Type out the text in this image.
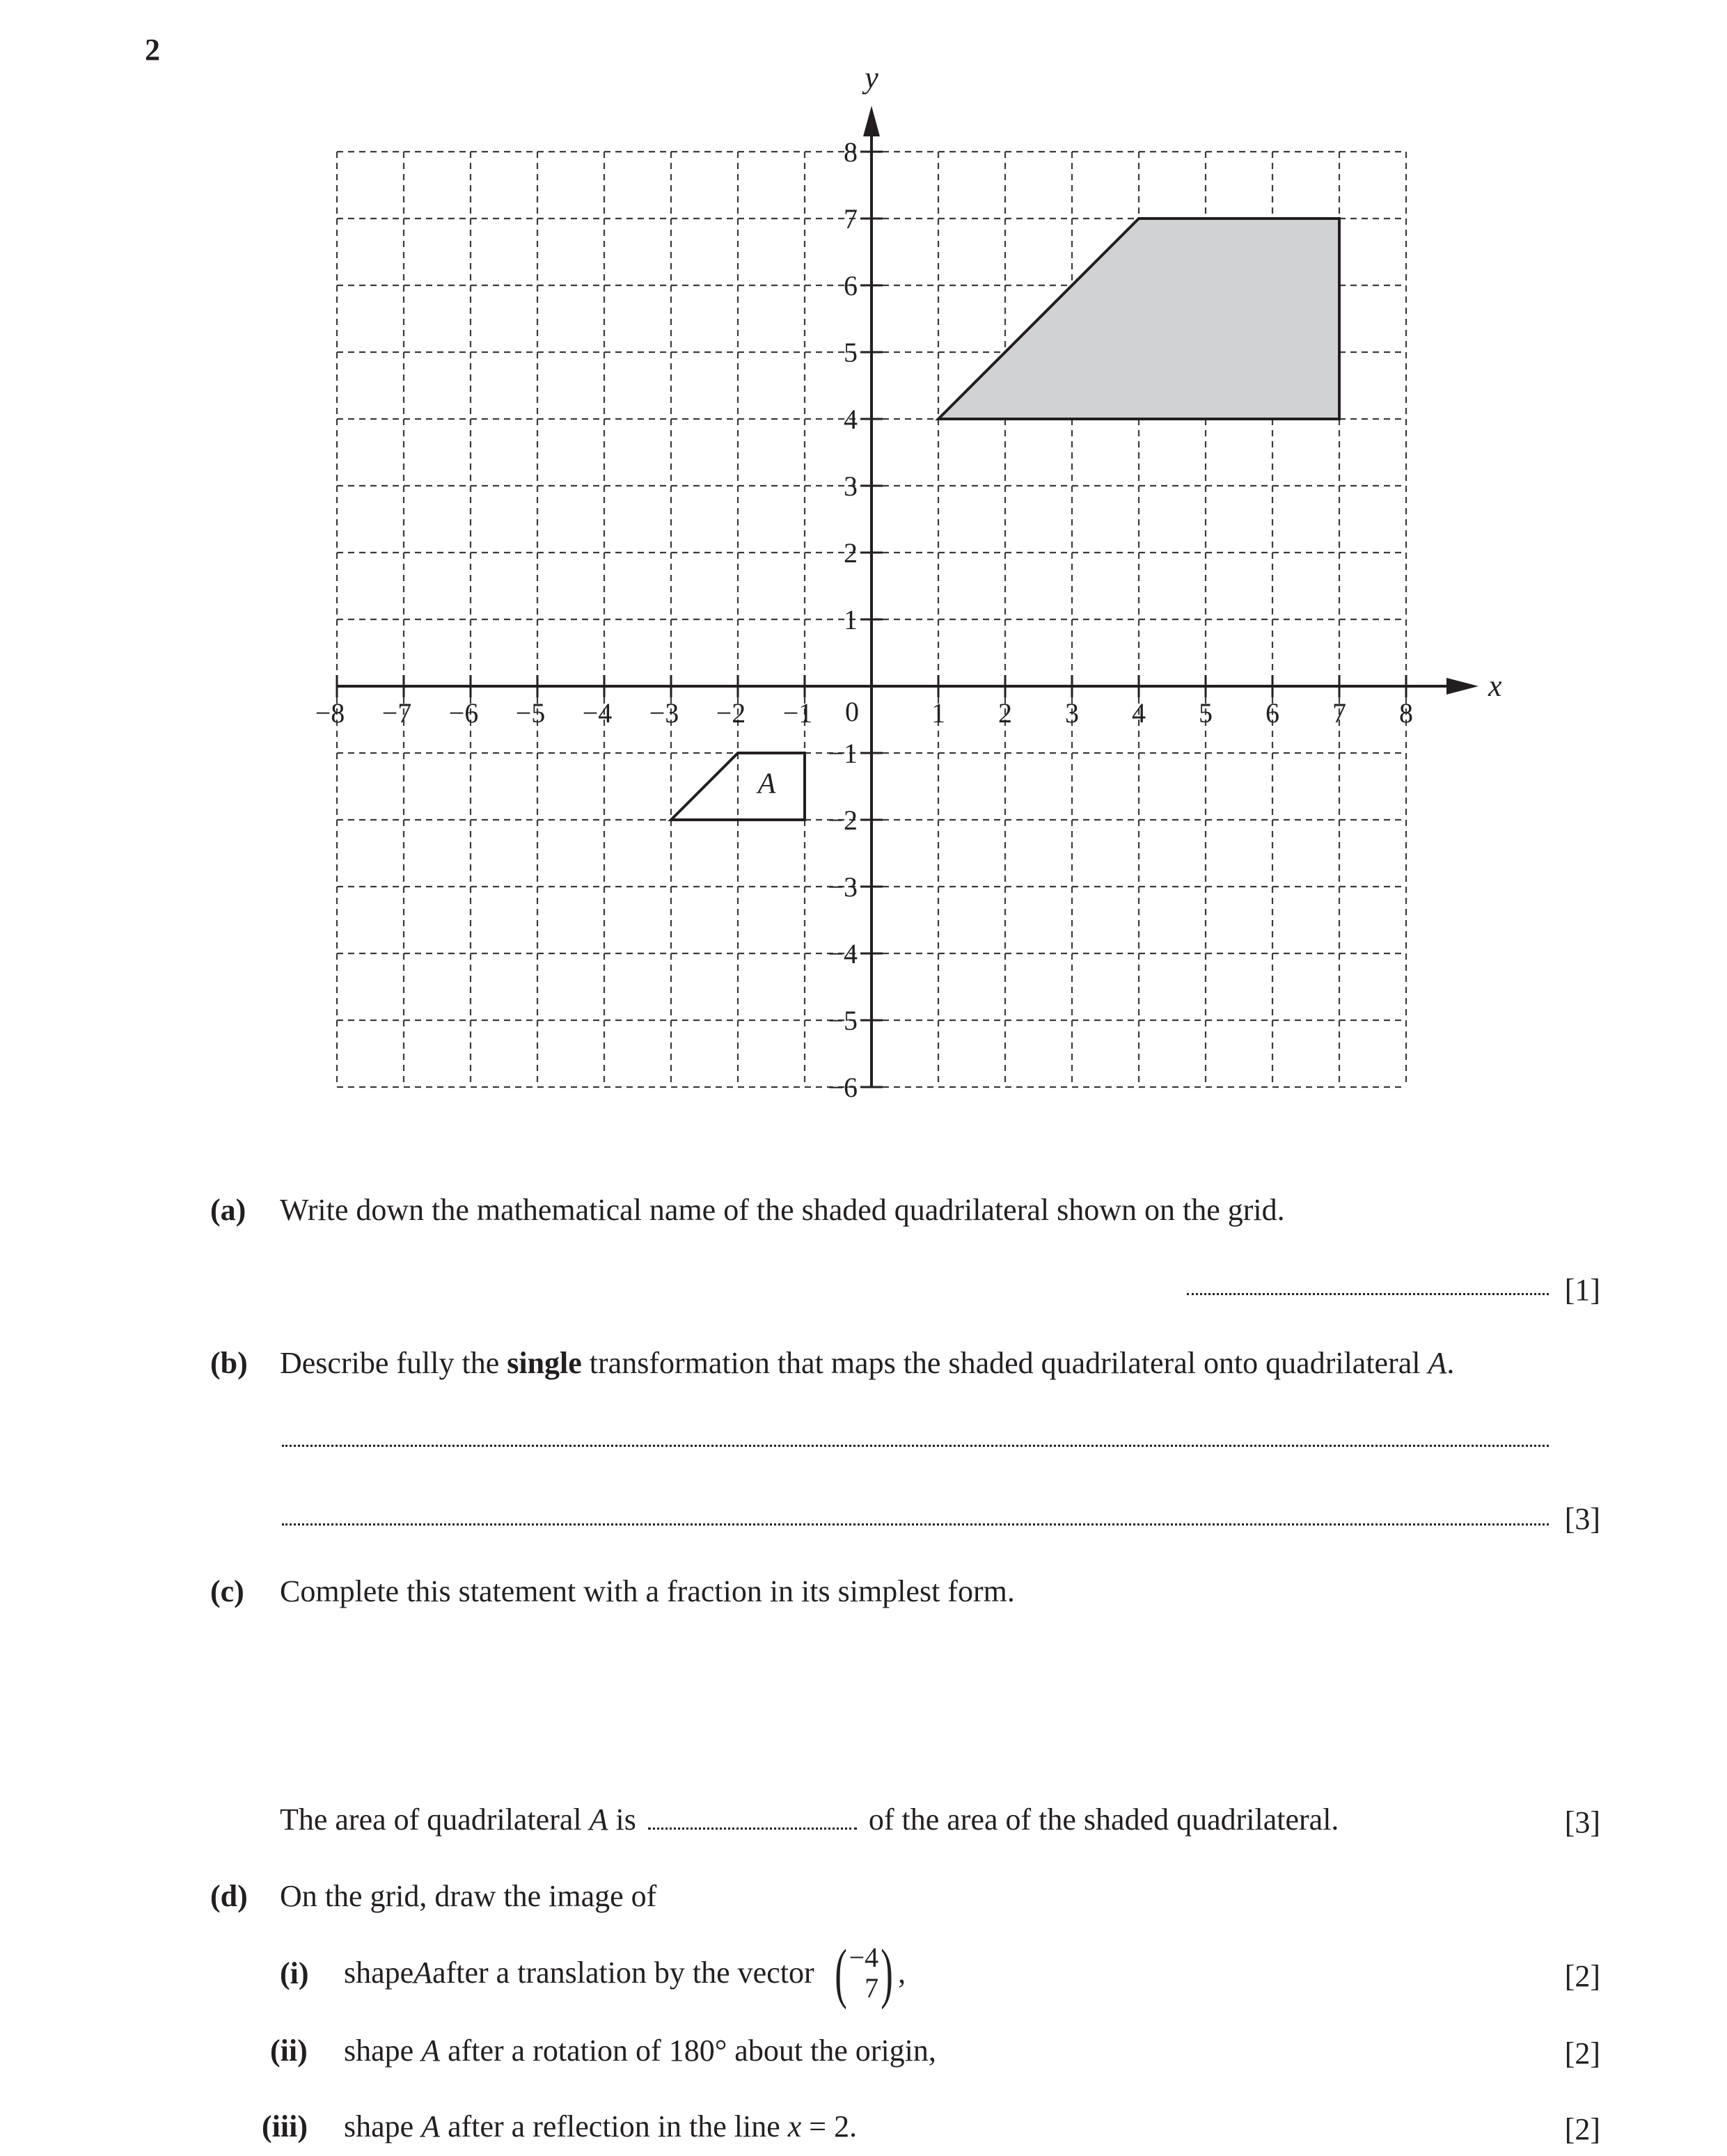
2
A
x
y
−8 −7 −6 −5 −4 −3 −2 −1	1 2 3 4 5 6 7 8
8
7
6
5
4
3
2
1
−1
−2
−3
−4
−5
−6
0
(a) Write down the mathematical name of the shaded quadrilateral shown on the grid.
[1]
(b) Describe fully the single transformation that maps the shaded quadrilateral onto quadrilateral A.
[3]
(c) Complete this statement with a fraction in its simplest form.
The area of quadrilateral A is	of the area of the shaded quadrilateral.	[3]
(d) On the grid, draw the image of
(i) shape A after a translation by the vector ( −4
7 ) ,	[2]
(ii) shape A after a rotation of 180° about the origin,	[2]
(iii) shape A after a reflection in the line x = 2.	[2]
